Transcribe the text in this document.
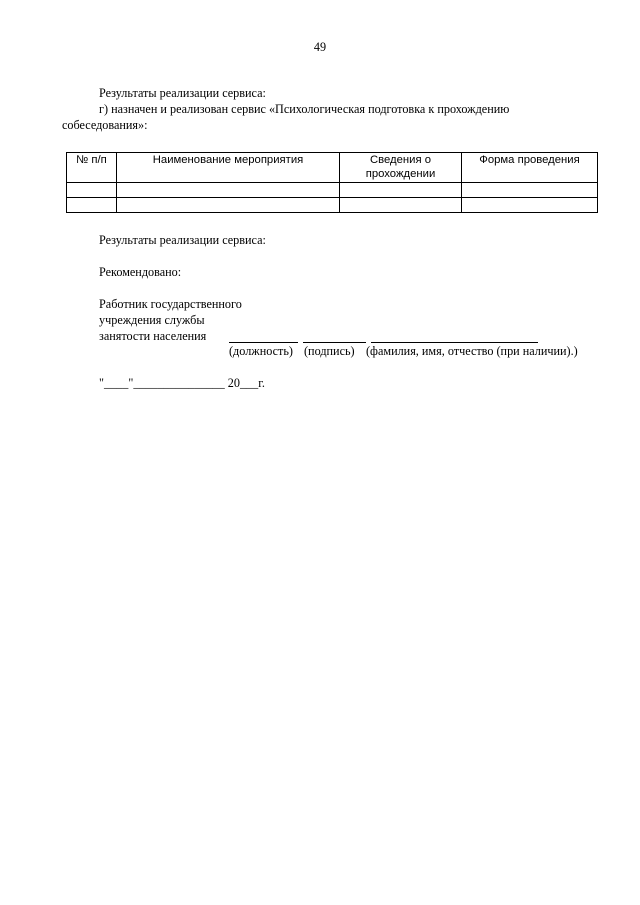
49
Результаты реализации сервиса:
г) назначен и реализован сервис «Психологическая подготовка к прохождению
собеседования»:
№ п/п	Наименование мероприятия	Сведения о прохождении	Форма проведения

Результаты реализации сервиса:
Рекомендовано:
Работник государственного
учреждения службы
занятости населения
(должность) (подпись) (фамилия, имя, отчество (при наличии).)
"____"_______________ 20___г.
